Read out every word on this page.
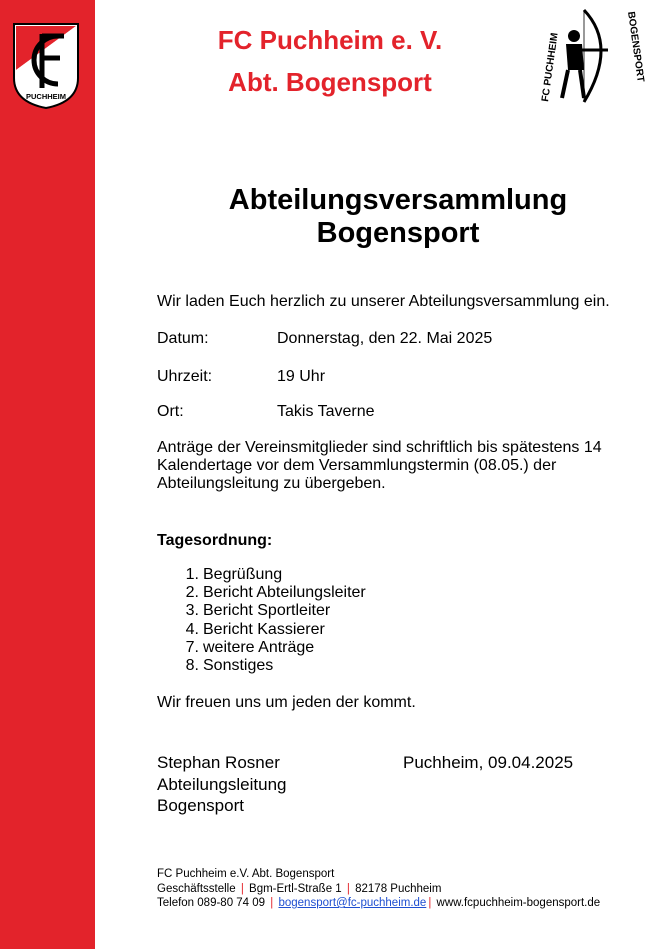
PUCHHEIM	FC PUCHHEIM	BOGENSPORT
FC Puchheim e. V.
Abt. Bogensport
Abteilungsversammlung
Bogensport
Wir laden Euch herzlich zu unserer Abteilungsversammlung ein.
Datum:	Donnerstag, den 22. Mai 2025
Uhrzeit:	19 Uhr
Ort:	Takis Taverne
Anträge der Vereinsmitglieder sind schriftlich bis spätestens 14 Kalendertage vor dem Versammlungstermin (08.05.) der Abteilungsleitung zu übergeben.
Tagesordnung:
1. Begrüßung
2. Bericht Abteilungsleiter
3. Bericht Sportleiter
4. Bericht Kassierer
7. weitere Anträge
8. Sonstiges
Wir freuen uns um jeden der kommt.
Stephan Rosner
Abteilungsleitung
Bogensport
Puchheim, 09.04.2025
FC Puchheim e.V. Abt. Bogensport
Geschäftsstelle | Bgm-Ertl-Straße 1 | 82178 Puchheim
Telefon 089-80 74 09 | bogensport@fc-puchheim.de | www.fcpuchheim-bogensport.de
